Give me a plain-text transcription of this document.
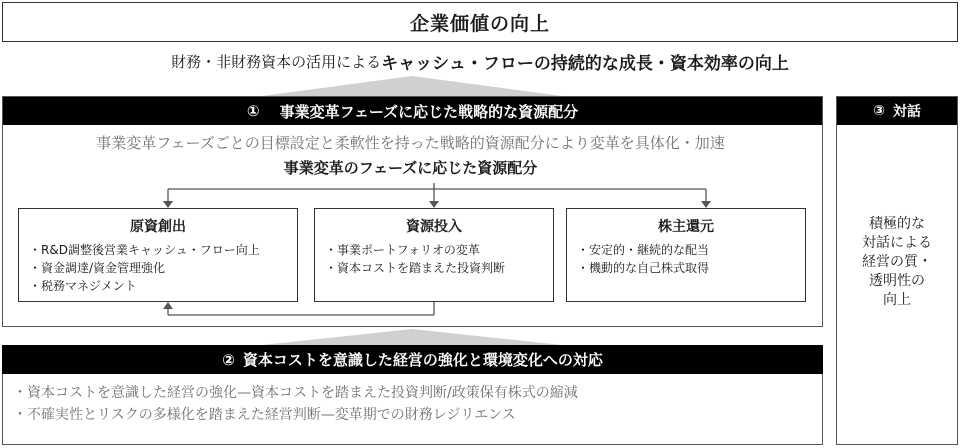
企業価値の向上
財務・非財務資本の活用による キャッシュ・フローの持続的な成長・資本効率の向上
① 事業変革フェーズに応じた戦略的な資源配分
事業変革フェーズごとの目標設定と柔軟性を持った戦略的資源配分により変革を具体化・加速
事業変革のフェーズに応じた資源配分
原資創出
・ R&D調整後営業キャッシュ・フロー向上
・ 資金調達/資金管理強化
・ 税務マネジメント
資源投入
・ 事業ポートフォリオの変革
・ 資本コストを踏まえた投資判断
株主還元
・ 安定的・継続的な配当
・ 機動的な自己株式取得
② 資本コストを意識した経営の強化と環境変化への対応
・ 資本コストを意識した経営の強化—資本コストを踏まえた投資判断/政策保有株式の縮減
・ 不確実性とリスクの多様化を踏まえた経営判断—変革期での財務レジリエンス
③ 対話
積極的な
対話による
経営の質・
透明性の
向上
